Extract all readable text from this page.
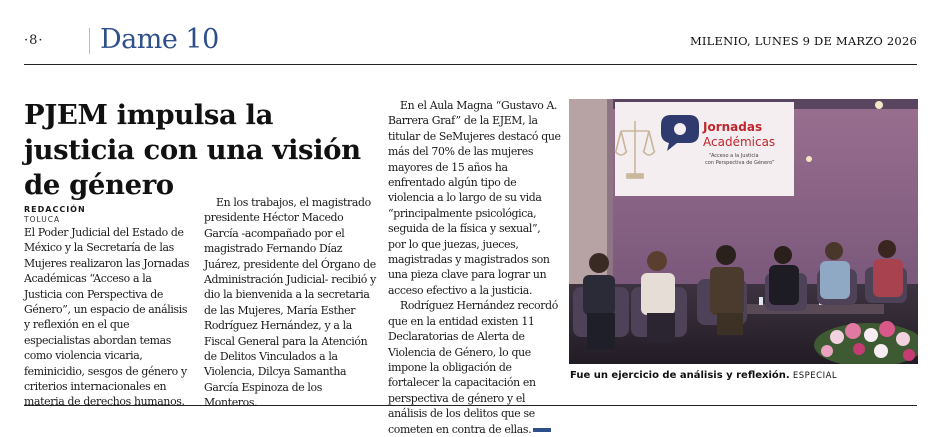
·8· Dame 10	MILENIO, LUNES 9 DE MARZO 2026
PJEM impulsa la justicia con una visión de género
REDACCIÓN
TOLUCA

El Poder Judicial del Estado de México y la Secretaría de las Mujeres realizaron las Jornadas Académicas “Acceso a la Justicia con Perspectiva de Género”, un espacio de análisis y reflexión en el que especialistas abordan temas como violencia vicaria, feminicidio, sesgos de género y criterios internacionales en materia de derechos humanos.

En los trabajos, el magistrado presidente Héctor Macedo García -acompañado por el magistrado Fernando Díaz Juárez, presidente del Órgano de Administración Judicial- recibió y dio la bienvenida a la secretaria de las Mujeres, María Esther Rodríguez Hernández, y a la Fiscal General para la Atención de Delitos Vinculados a la Violencia, Dilcya Samantha García Espinoza de los Monteros.

En el Aula Magna “Gustavo A. Barrera Graf” de la EJEM, la titular de SeMujeres destacó que más del 70% de las mujeres mayores de 15 años ha enfrentado algún tipo de violencia a lo largo de su vida “principalmente psicológica, seguida de la física y sexual”, por lo que juezas, jueces, magistradas y magistrados son una pieza clave para lograr un acceso efectivo a la justicia.

Rodríguez Hernández recordó que en la entidad existen 11 Declaratorias de Alerta de Violencia de Género, lo que impone la obligación de fortalecer la capacitación en perspectiva de género y el análisis de los delitos que se cometen en contra de ellas.

Jornadas
Académicas
“Acceso a la Justicia
con Perspectiva de Género”
Fue un ejercicio de análisis y reflexión. ESPECIAL
